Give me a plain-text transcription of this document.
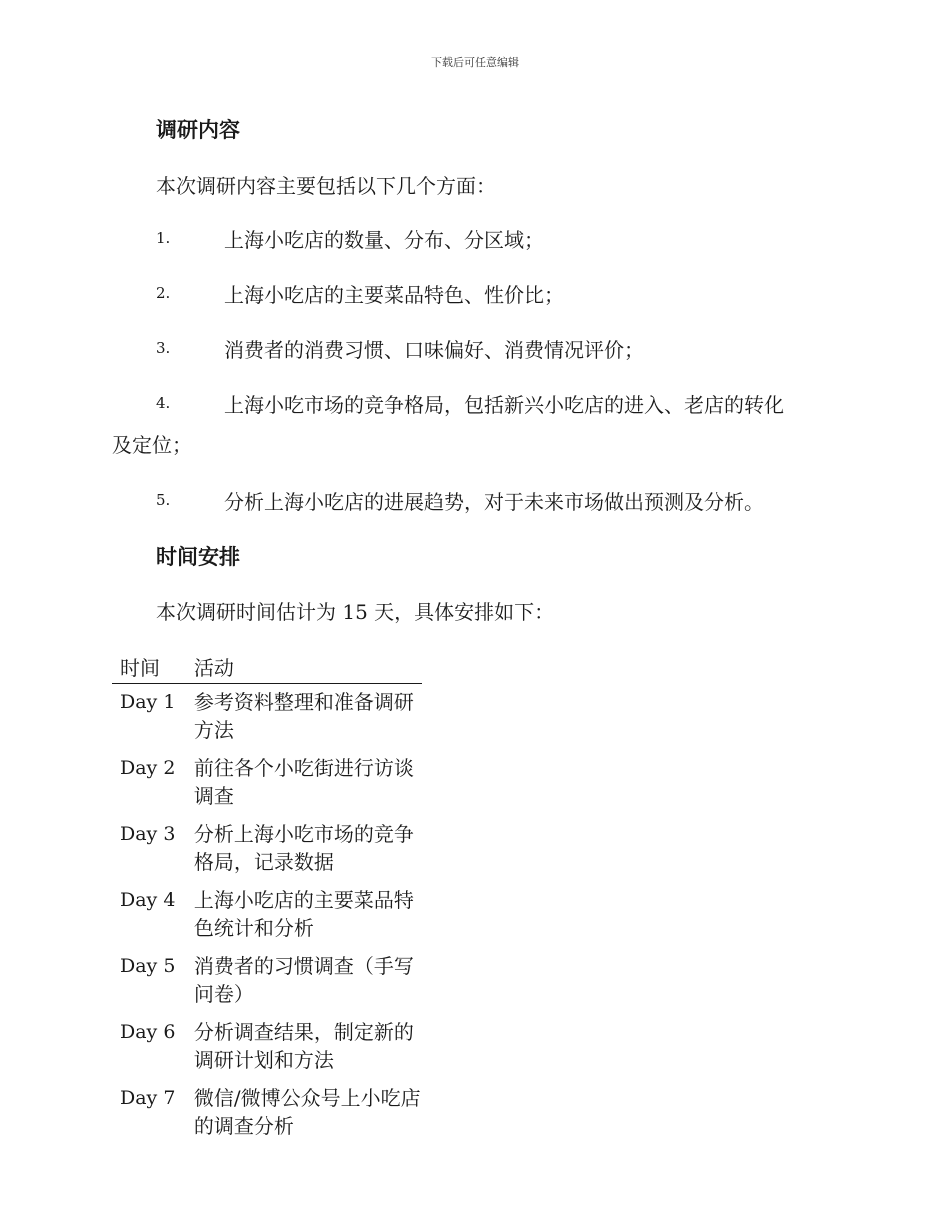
下载后可任意编辑
调研内容
本次调研内容主要包括以下几个方面：
1.	上海小吃店的数量、分布、分区域；
2.	上海小吃店的主要菜品特色、性价比；
3.	消费者的消费习惯、口味偏好、消费情况评价；
4.	上海小吃市场的竞争格局，包括新兴小吃店的进入、老店的转化
及定位；
5.	分析上海小吃店的进展趋势，对于未来市场做出预测及分析。
时间安排
本次调研时间估计为 15 天，具体安排如下：
时间	活动
Day 1	参考资料整理和准备调研方法
Day 2	前往各个小吃街进行访谈调查
Day 3	分析上海小吃市场的竞争格局，记录数据
Day 4	上海小吃店的主要菜品特色统计和分析
Day 5	消费者的习惯调查（手写问卷）
Day 6	分析调查结果，制定新的调研计划和方法
Day 7	微信/微博公众号上小吃店的调查分析
